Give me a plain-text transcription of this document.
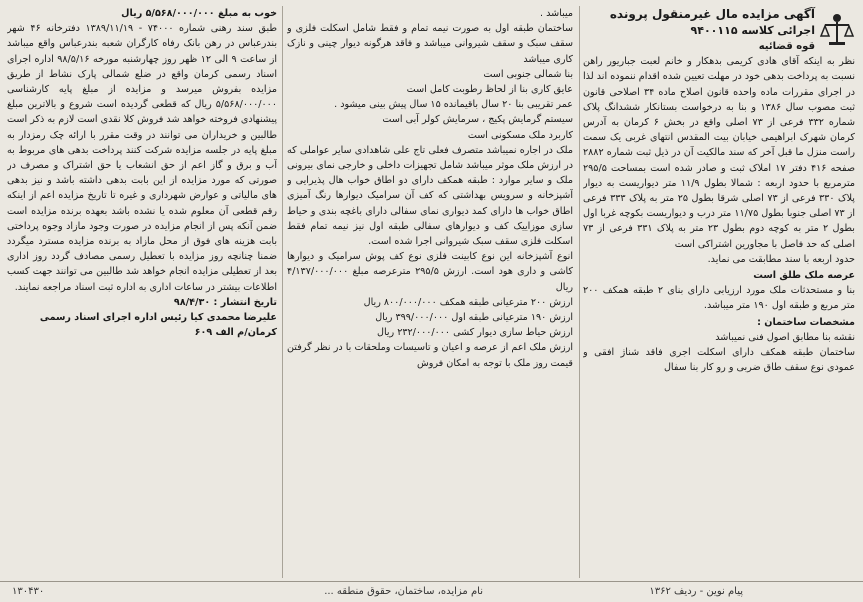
آگهی مزایده مال غیرمنقول پرونده

اجرائی کلاسه ۹۴۰۰۱۱۵

قوه قضائیه

نظر به اینکه آقای هادی کریمی بدهکار و خانم لعبت جباریور راهن نسبت به پرداخت بدهی خود در مهلت تعیین شده اقدام ننموده اند لذا در اجرای مقررات ماده واحده قانون اصلاح ماده ۳۴ اصلاحی قانون ثبت مصوب سال ۱۳۸۶ و بنا به درخواست بستانکار ششدانگ پلاک شماره ۳۳۲ فرعی از ۷۳ اصلی واقع در بخش ۶ کرمان به آدرس کرمان شهرک ابراهیمی خیابان بیت المقدس انتهای غربی یک سمت راست منزل ما قبل آخر که سند مالکیت آن در ذیل ثبت شماره ۲۸۸۲ صفحه ۴۱۶ دفتر ۱۷ املاک ثبت و صادر شده است بمساحت ۲۹۵/۵ مترمربع با حدود اربعه : شمالا بطول ۱۱/۹ متر دیواریست به دیوار پلاک ۳۳۰ فرعی از ۷۳ اصلی شرقا بطول ۲۵ متر به پلاک ۳۳۳ فرعی از ۷۳ اصلی جنوبا بطول ۱۱/۷۵ متر درب و دیواریست بکوچه غربا اول بطول ۲ متر به کوچه دوم بطول ۲۳ متر به پلاک ۳۳۱ فرعی از ۷۳ اصلی که حد فاصل با مجاورین اشتراکی است

حدود اربعه با سند مطابقت می نماید.

عرصه ملک طلق است

بنا و مستحدثات ملک مورد ارزیابی دارای بنای ۲ طبقه همکف ۲۰۰ متر مربع و طبقه اول ۱۹۰ متر میباشد.

مشخصات ساختمان :

نقشه بنا مطابق اصول فنی نمیباشد

ساختمان طبقه همکف دارای اسکلت اجری فاقد شناژ افقی و عمودی نوع سقف طاق ضربی و رو کار بنا سفال

میباشد .

ساختمان طبقه اول به صورت نیمه تمام و فقط شامل اسکلت فلزی و سقف سبک و سقف شیروانی میباشد و فاقد هرگونه دیوار چینی و نازک کاری میباشد

بنا شمالی جنوبی است

عایق کاری بنا از لحاظ رطوبت کامل است

عمر تقریبی بنا ۲۰ سال باقیمانده ۱۵ سال پیش بینی میشود .

سیستم گرمایش پکیج ، سرمایش کولر آبی است

کاربرد ملک مسکونی است

ملک در اجاره نمیباشد متصرف فعلی تاج علی شاهدادی سایر عواملی که در ارزش ملک موثر میباشد شامل تجهیزات داخلی و خارجی نمای بیرونی ملک و سایر موارد : طبقه همکف دارای دو اطاق خواب هال پذیرایی و آشپزخانه و سرویس بهداشتی که کف آن سرامیک دیوارها رنگ آمیزی اطاق خواب ها دارای کمد دیواری نمای سفالی دارای باغچه بندی و حیاط سازی موزاییک کف و دیوارهای سفالی طبقه اول نیز نیمه تمام فقط اسکلت فلزی سقف سبک شیروانی اجرا شده است.

انوع آشپزخانه این نوع کابینت فلزی نوع کف پوش سرامیک و دیوارها کاشی و داری هود است. ارزش ۲۹۵/۵ مترعرصه مبلغ ۴/۱۳۷/۰۰۰/۰۰۰ ریال

ارزش ۲۰۰ مترعیانی طبقه همکف ۸۰۰/۰۰۰/۰۰۰ ریال

ارزش ۱۹۰ مترعیانی طبقه اول ۳۹۹/۰۰۰/۰۰۰ ریال

ارزش حیاط سازی دیوار کشی ۲۳۲/۰۰۰/۰۰۰ ریال

ارزش ملک اعم از عرصه و اعیان و تاسیسات وملحقات با در نظر گرفتن قیمت روز ملک با توجه به امکان فروش

خوب به مبلغ ۵/۵۶۸/۰۰۰/۰۰۰ ریال

طبق سند رهنی شماره ۷۴۰۰۰ - ۱۳۸۹/۱۱/۱۹ دفترخانه ۴۶ شهر بندرعباس در رهن بانک رفاه کارگران شعبه بندرعباس واقع میباشد از ساعت ۹ الی ۱۲ ظهر روز چهارشنبه مورخه ۹۸/۵/۱۶ اداره اجرای اسناد رسمی کرمان واقع در ضلع شمالی پارک نشاط از طریق مزایده بفروش میرسد و مزایده از مبلغ پایه کارشناسی ۵/۵۶۸/۰۰۰/۰۰۰ ریال که قطعی گردیده است شروع و بالاترین مبلغ پیشنهادی فروخته خواهد شد فروش کلا نقدی است لازم به ذکر است طالبین و خریداران می توانند در وقت مقرر با ارائه چک رمزدار به مبلغ پایه در جلسه مزایده شرکت کنند پرداخت بدهی های مربوط به آب و برق و گاز اعم از حق انشعاب یا حق اشتراک و مصرف در صورتی که مورد مزایده از این بابت بدهی داشته باشد و نیز بدهی های مالیاتی و عوارض شهرداری و غیره تا تاریخ مزایده اعم از اینکه رقم قطعی آن معلوم شده یا نشده باشد بعهده برنده مزایده است ضمن آنکه پس از انجام مزایده در صورت وجود مازاد وجوه پرداختی بابت هزینه های فوق از محل مازاد به برنده مزایده مسترد میگردد ضمنا چنانچه روز مزایده با تعطیل رسمی مصادف گردد روز اداری بعد از تعطیلی مزایده انجام خواهد شد طالبین می توانند جهت کسب اطلاعات بیشتر در ساعات اداری به اداره ثبت اسناد مراجعه نمایند.

تاریخ انتشار : ۹۸/۴/۳۰

علیرضا محمدی کیا رئیس اداره اجرای اسناد رسمی

کرمان/م الف ۶۰۹

پیام نوین - ردیف ۱۳۶۲
نام مزایده، ساختمان، حقوق منطقه ...
۱۳۰۴۳۰
